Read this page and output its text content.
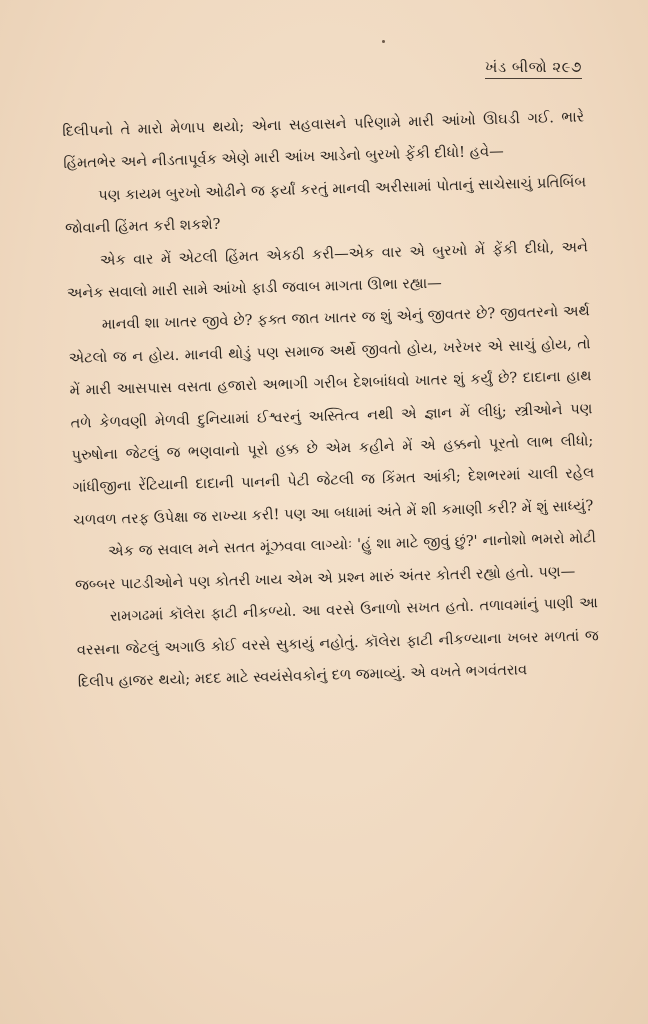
ખંડ બીજો ૨૯૭

દિલીપનો તે મારો મેળાપ થયો; એના સહવાસને પરિણામે મારી આંખો ઊઘડી ગઈ. ભારે હિંમતભેર અને નીડતાપૂર્વક એણે મારી આંખ આડેનો બુરખો ફેંકી દીધો! હવે—

પણ કાયમ બુરખો ઓઢીને જ ફર્યાં કરતું માનવી અરીસામાં પોતાનું સાચેસાચું પ્રતિબિંબ જોવાની હિંમત કરી શકશે?

એક વાર મેં એટલી હિંમત એકઠી કરી—એક વાર એ બુરખો મેં ફેંકી દીધો, અને અનેક સવાલો મારી સામે આંખો ફાડી જવાબ માગતા ઊભા રહ્યા—

માનવી શા ખાતર જીવે છે? ફક્ત જાત ખાતર જ શું એનું જીવતર છે? જીવતરનો અર્થ એટલો જ ન હોય. માનવી થોડું પણ સમાજ અર્થે જીવતો હોય, ખરેખર એ સાચું હોય, તો મેં મારી આસપાસ વસતા હજારો અભાગી ગરીબ દેશબાંધવો ખાતર શું કર્યું છે? દાદાના હાથ તળે કેળવણી મેળવી દુનિયામાં ઈશ્વરનું અસ્તિત્વ નથી એ જ્ઞાન મેં લીધું; સ્ત્રીઓને પણ પુરુષોના જેટલું જ ભણવાનો પૂરો હક્ક છે એમ કહીને મેં એ હક્કનો પૂરતો લાભ લીધો; ગાંધીજીના રેંટિયાની દાદાની પાનની પેટી જેટલી જ કિંમત આંકી; દેશભરમાં ચાલી રહેલ ચળવળ તરફ ઉપેક્ષા જ રાખ્યા કરી! પણ આ બધામાં અંતે મેં શી કમાણી કરી? મેં શું સાધ્યું?

એક જ સવાલ મને સતત મૂંઝવવા લાગ્યોઃ 'હું શા માટે જીવું છું?' નાનોશો ભમરો મોટી જબ્બર પાટડીઓને પણ કોતરી ખાય એમ એ પ્રશ્ન મારું અંતર કોતરી રહ્યો હતો. પણ—

રામગઢમાં કૉલેરા ફાટી નીકળ્યો. આ વરસે ઉનાળો સખત હતો. તળાવમાંનું પાણી આ વરસના જેટલું અગાઉ કોઈ વરસે સુકાયું નહોતું. કૉલેરા ફાટી નીકળ્યાના ખબર મળતાં જ દિલીપ હાજર થયો; મદદ માટે સ્વયંસેવકોનું દળ જમાવ્યું. એ વખતે ભગવંતરાવ
